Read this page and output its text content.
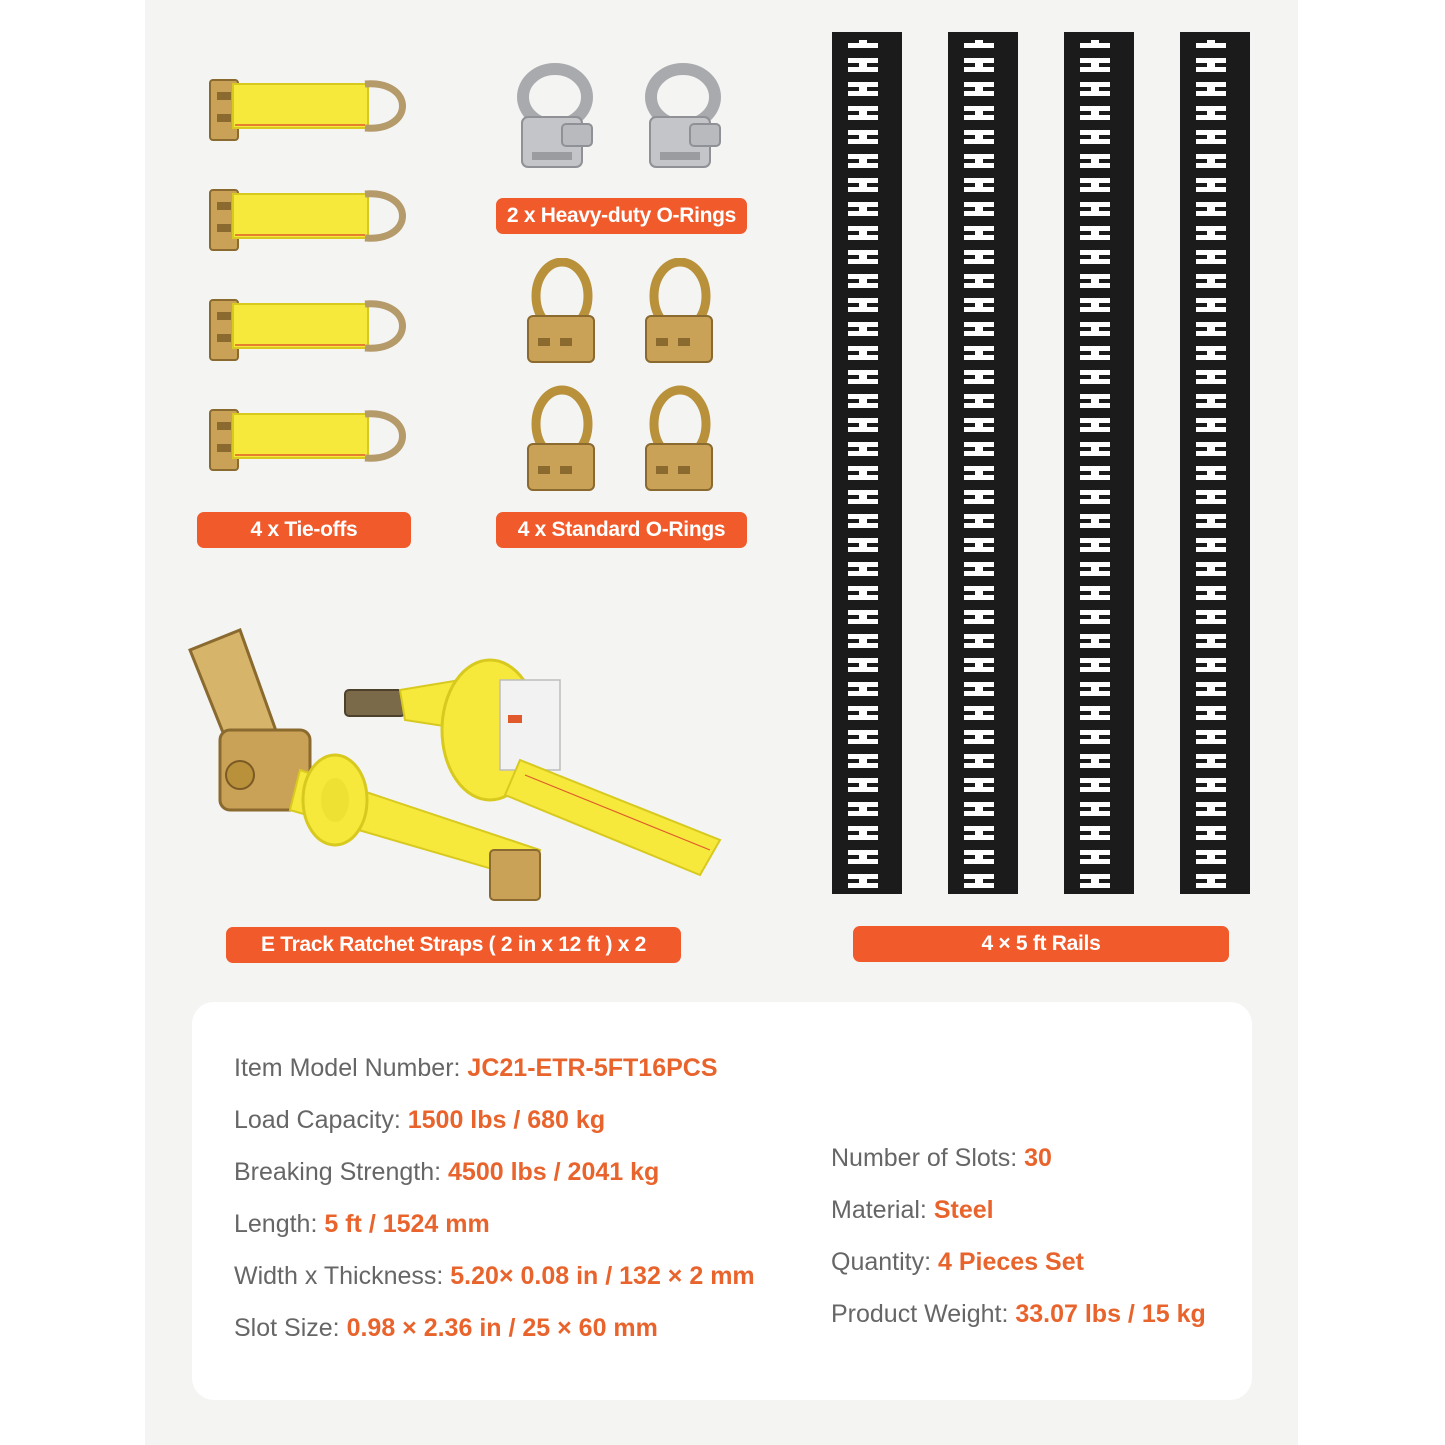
2 x Heavy-duty O-Rings
4 x Tie-offs	4 x Standard O-Rings
E Track Ratchet Straps ( 2 in x 12 ft ) x 2	4 × 5 ft Rails
Item Model Number: JC21-ETR-5FT16PCS
Load Capacity: 1500 lbs / 680 kg
Breaking Strength: 4500 lbs / 2041 kg
Length: 5 ft / 1524 mm
Width x Thickness: 5.20× 0.08 in / 132 × 2 mm
Slot Size: 0.98 × 2.36 in / 25 × 60 mm
Number of Slots: 30
Material: Steel
Quantity: 4 Pieces Set
Product Weight: 33.07 lbs / 15 kg
